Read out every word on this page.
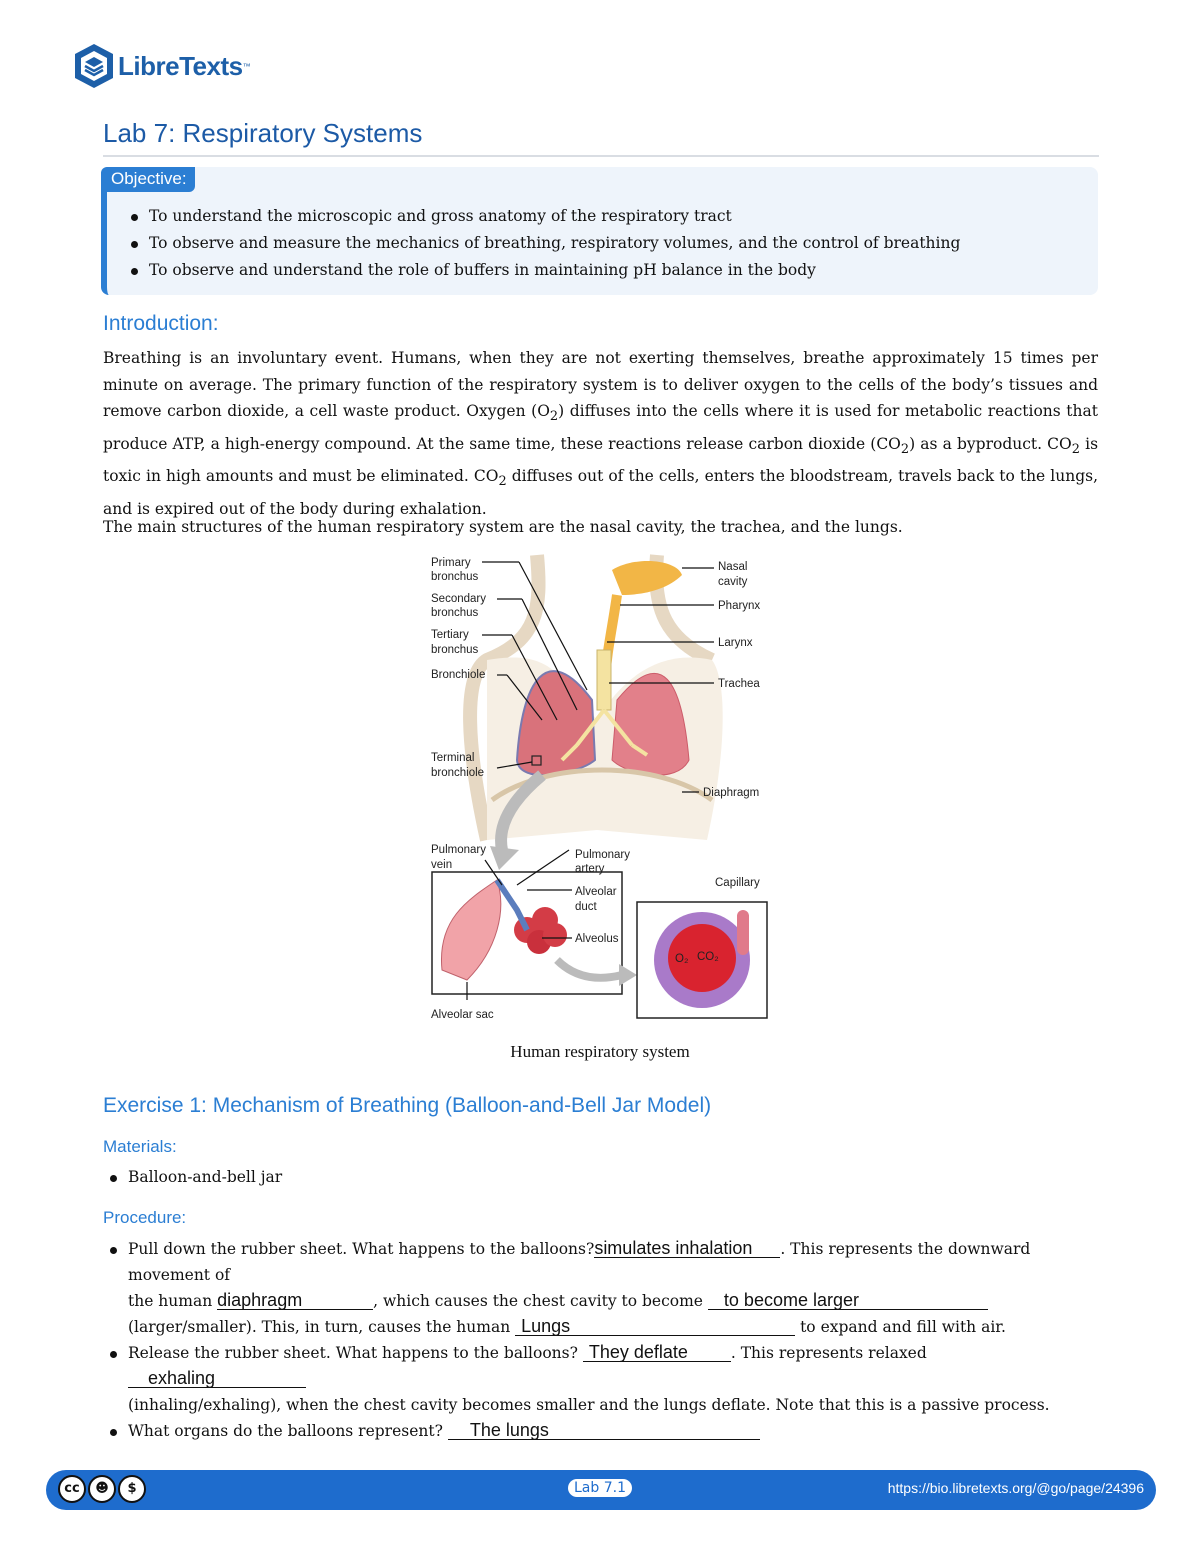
LibreTexts ™
Lab 7: Respiratory Systems
Objective:
To understand the microscopic and gross anatomy of the respiratory tract
To observe and measure the mechanics of breathing, respiratory volumes, and the control of breathing
To observe and understand the role of buffers in maintaining pH balance in the body
Introduction:
Breathing is an involuntary event. Humans, when they are not exerting themselves, breathe approximately 15 times per minute on average. The primary function of the respiratory system is to deliver oxygen to the cells of the body’s tissues and remove carbon dioxide, a cell waste product. Oxygen $(O_2)$ diffuses into the cells where it is used for metabolic reactions that produce ATP, a high-energy compound. At the same time, these reactions release carbon dioxide $(CO_2)$ as a byproduct. $CO_2$ is toxic in high amounts and must be eliminated. $CO_2$ diffuses out of the cells, enters the bloodstream, travels back to the lungs, and is expired out of the body during exhalation.
The main structures of the human respiratory system are the nasal cavity, the trachea, and the lungs.
O₂ CO₂
Primary
bronchus
Secondary
bronchus
Tertiary
bronchus
Bronchiole
Terminal
bronchiole
Nasal
cavity
Pharynx
Larynx
Trachea
Diaphragm
Pulmonary
vein
Pulmonary
artery
Alveolar
duct
Alveolus
Capillary
Alveolar sac
Human respiratory system
Exercise 1: Mechanism of Breathing (Balloon-and-Bell Jar Model)
Materials:
Balloon-and-bell jar
Procedure:
Pull down the rubber sheet. What happens to the balloons?simulates inhalation . This represents the downward movement of
the human diaphragm	, which causes the chest cavity to become to become larger
(larger/smaller). This, in turn, causes the human Lungs	to expand and fill with air.
Release the rubber sheet. What happens to the balloons? They deflate	. This represents relaxed exhaling
(inhaling/exhaling), when the chest cavity becomes smaller and the lungs deflate. Note that this is a passive process.
What organs do the balloons represent? The lungs
cc	☻	$	Lab 7.1	https://bio.libretexts.org/@go/page/24396
